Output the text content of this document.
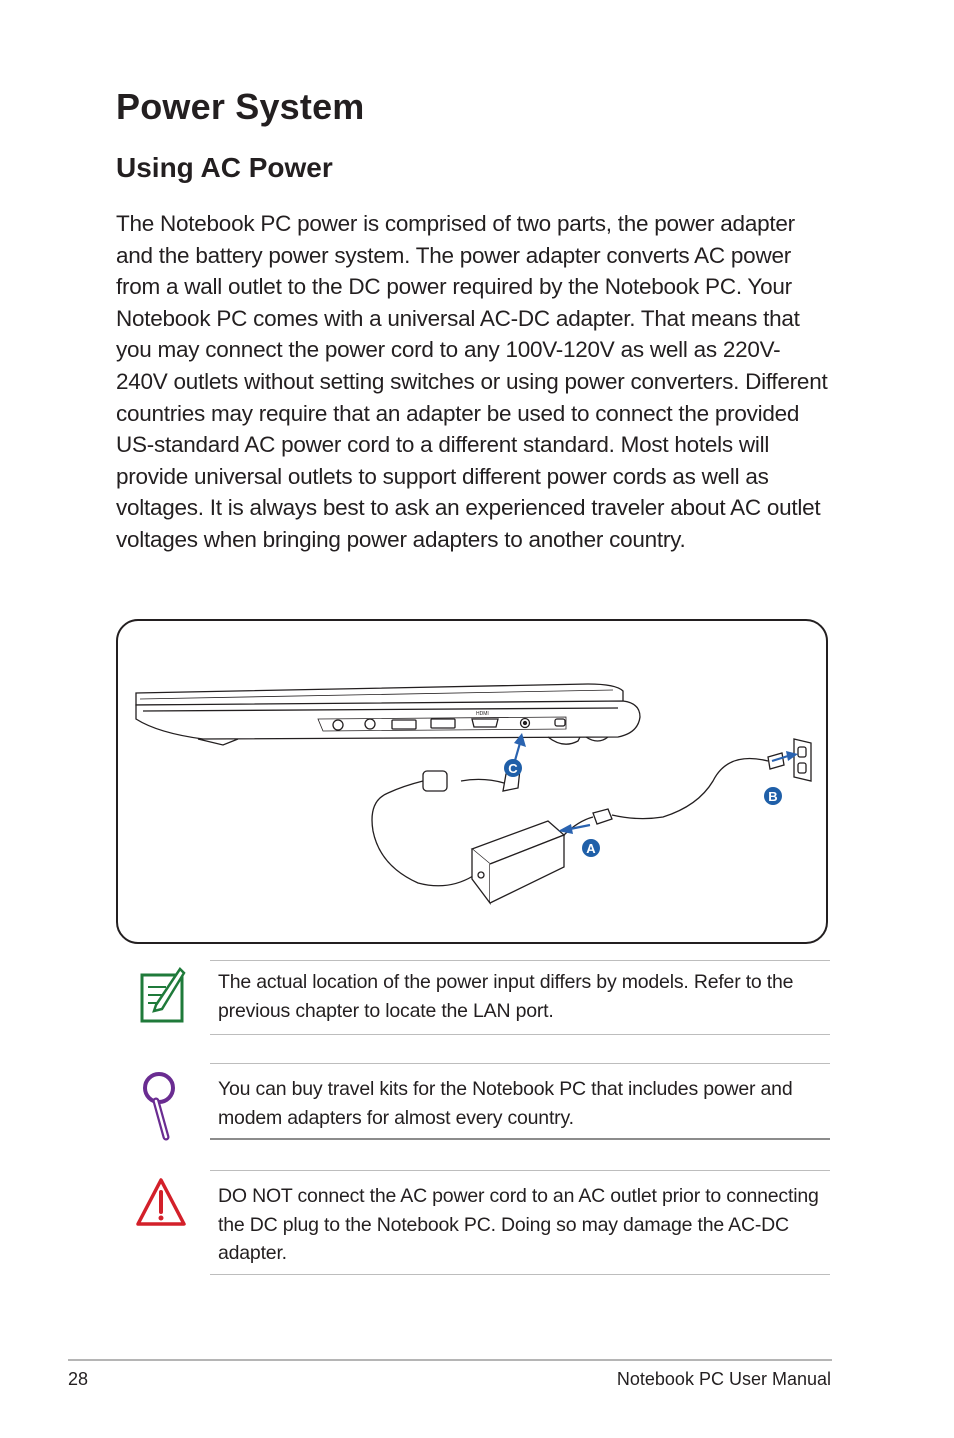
Power System
Using AC Power

The Notebook PC power is comprised of two parts, the power adapter and the battery power system. The power adapter converts AC power from a wall outlet to the DC power required by the Notebook PC. Your Notebook PC comes with a universal AC-DC adapter. That means that you may connect the power cord to any 100V-120V as well as 220V-240V outlets without setting switches or using power converters. Different countries may require that an adapter be used to connect the provided US-standard AC power cord to a different standard. Most hotels will provide universal outlets to support different power cords as well as voltages. It is always best to ask an experienced traveler about AC outlet voltages when bringing power adapters to another country.

HDMI
C
B
A

The actual location of the power input differs by models. Refer to the previous chapter to locate the LAN port.

You can buy travel kits for the Notebook PC that includes power and modem adapters for almost every country.

DO NOT connect the AC power cord to an AC outlet prior to connecting the DC plug to the Notebook PC. Doing so may damage the AC-DC adapter.

28	Notebook PC User Manual
